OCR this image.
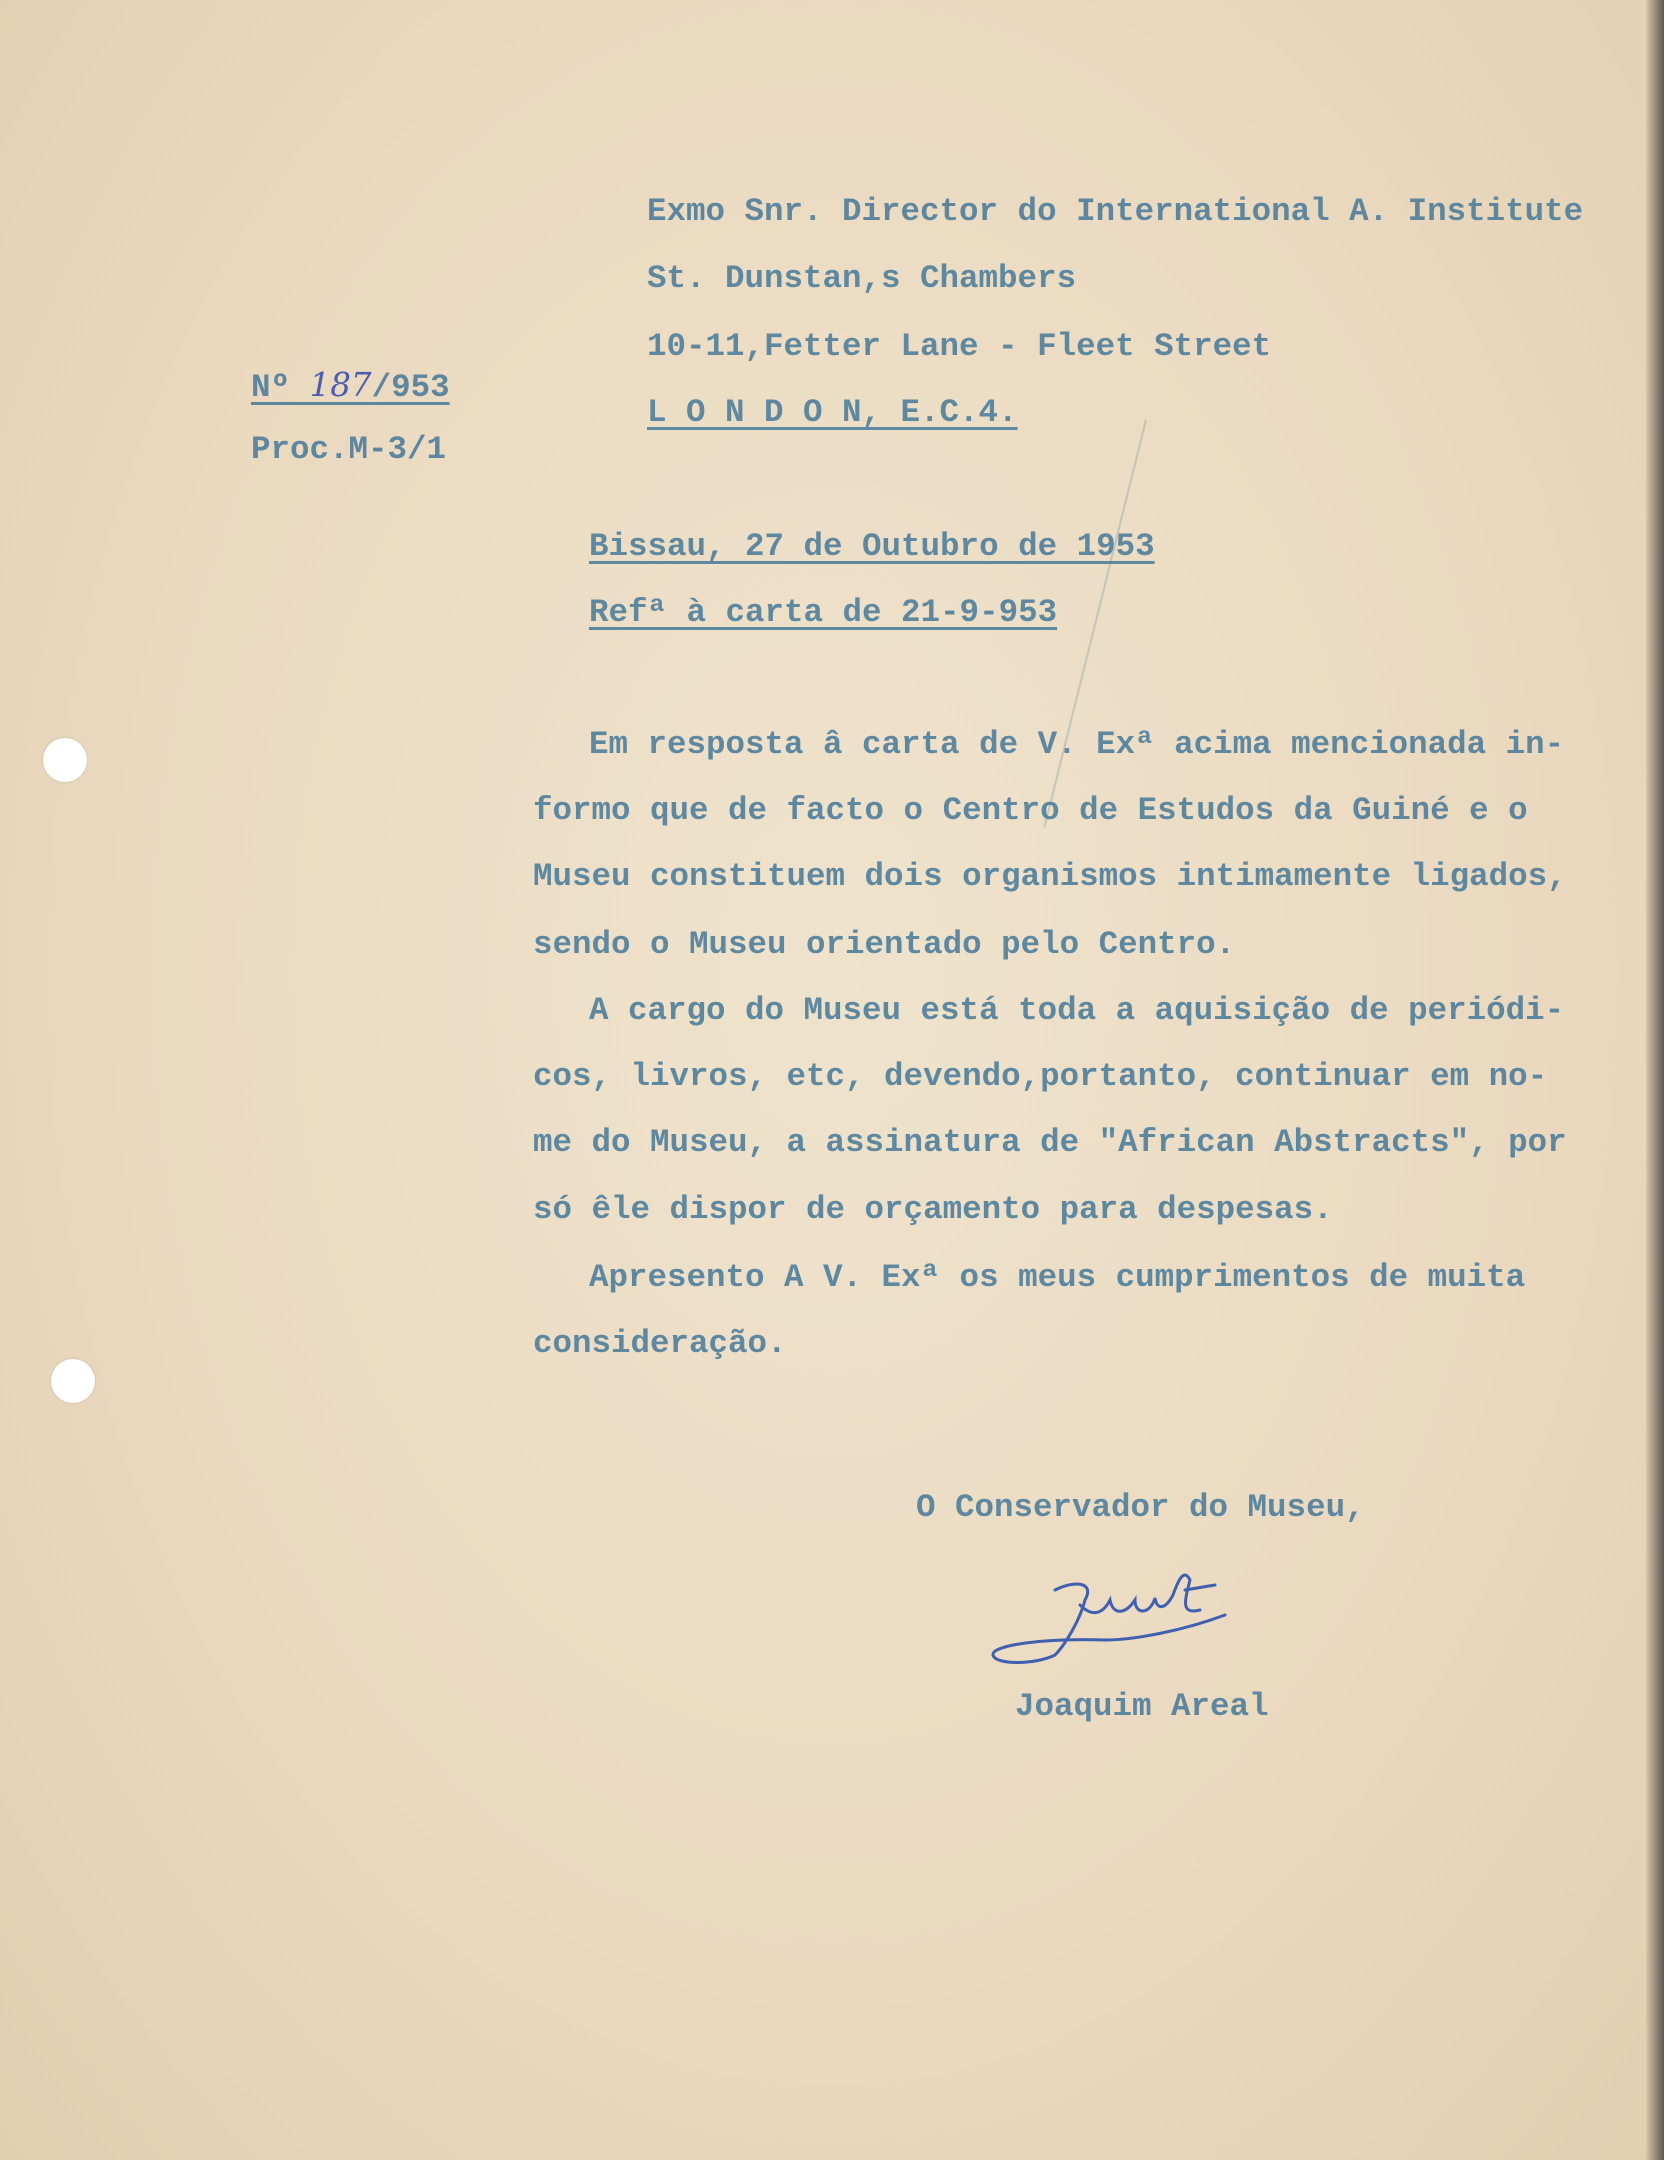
Exmo Snr. Director do International A. Institute
St. Dunstan,s Chambers
10-11,Fetter Lane - Fleet Street
L O N D O N, E.C.4.
Nº 187/953
Proc.M-3/1
Bissau, 27 de Outubro de 1953
Refª à carta de 21-9-953
Em resposta â carta de V. Exª acima mencionada in-
formo que de facto o Centro de Estudos da Guiné e o
Museu constituem dois organismos intimamente ligados,
sendo o Museu orientado pelo Centro.
A cargo do Museu está toda a aquisição de periódi-
cos, livros, etc, devendo,portanto, continuar em no-
me do Museu, a assinatura de "African Abstracts", por
só êle dispor de orçamento para despesas.
Apresento A V. Exª os meus cumprimentos de muita
consideração.
O Conservador do Museu,
Joaquim Areal
